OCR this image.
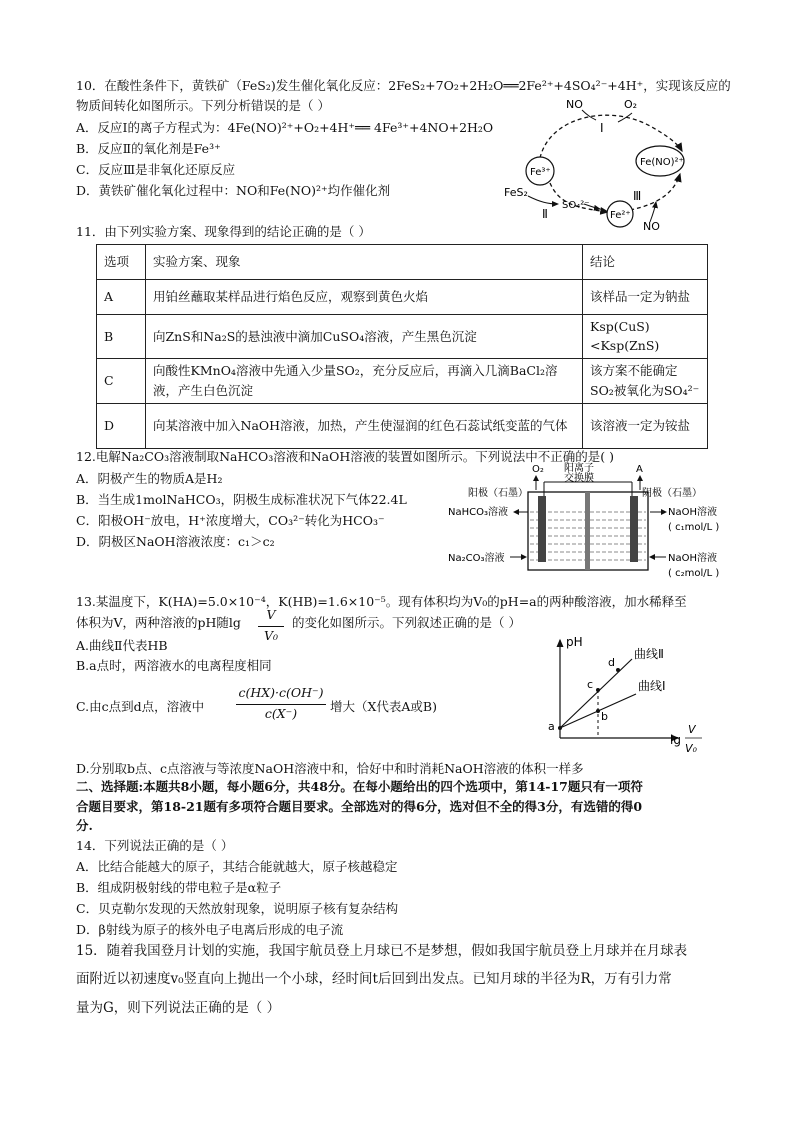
10．在酸性条件下，黄铁矿（FeS₂)发生催化氧化反应：2FeS₂+7O₂+2H₂O══2Fe²⁺+4SO₄²⁻+4H⁺，实现该反应的
物质间转化如图所示。下列分析错误的是（ ）
A．反应Ⅰ的离子方程式为：4Fe(NO)²⁺+O₂+4H⁺══ 4Fe³⁺+4NO+2H₂O
B．反应Ⅱ的氧化剂是Fe³⁺
C．反应Ⅲ是非氧化还原反应
D．黄铁矿催化氧化过程中：NO和Fe(NO)²⁺均作催化剂
NO	O₂
Ⅰ
Fe³⁺
Fe(NO)²⁺
FeS₂
SO₄²⁻
Ⅱ	Fe²⁺
Ⅲ
NO
11．由下列实验方案、现象得到的结论正确的是（ ）
选项	实验方案、现象	结论
A	用铂丝蘸取某样品进行焰色反应，观察到黄色火焰	该样品一定为钠盐
B	向ZnS和Na₂S的悬浊液中滴加CuSO₄溶液，产生黑色沉淀	Ksp(CuS)<Ksp(ZnS)
C	向酸性KMnO₄溶液中先通入少量SO₂，充分反应后，再滴入几滴BaCl₂溶液，产生白色沉淀	该方案不能确定SO₂被氧化为SO₄²⁻
D	向某溶液中加入NaOH溶液，加热，产生使湿润的红色石蕊试纸变蓝的气体	该溶液一定为铵盐
12.电解Na₂CO₃溶液制取NaHCO₃溶液和NaOH溶液的装置如图所示。下列说法中不正确的是( )
A．阴极产生的物质A是H₂
B．当生成1molNaHCO₃，阴极生成标准状况下气体22.4L
C．阳极OH⁻放电，H⁺浓度增大，CO₃²⁻转化为HCO₃⁻
D．阴极区NaOH溶液浓度：c₁＞c₂
O₂ 阳离子
交换膜
A
阳极（石墨）	阴极（石墨）
NaHCO₃溶液	NaOH溶液
( c₁mol/L )
Na₂CO₃溶液	NaOH溶液
( c₂mol/L )
13.某温度下，K(HA)=5.0×10⁻⁴，K(HB)=1.6×10⁻⁵。现有体积均为V₀的pH=a的两种酸溶液，加水稀释至
体积为V，两种溶液的pH随lg
V
V₀
的变化如图所示。下列叙述正确的是（ ）
A.曲线Ⅱ代表HB
B.a点时，两溶液水的电离程度相同
C.由c点到d点，溶液中
c(HX)·c(OH⁻)
c(X⁻)	增大（X代表A或B)
D.分别取b点、c点溶液与等浓度NaOH溶液中和，恰好中和时消耗NaOH溶液的体积一样多
pH
lg
V
V₀
曲线Ⅱ
曲线Ⅰ
a
b
c
d
二、选择题:本题共8小题，每小题6分，共48分。在每小题给出的四个选项中，第14-17题只有一项符
合题目要求，第18-21题有多项符合题目要求。全部选对的得6分，选对但不全的得3分，有选错的得0
分.
14．下列说法正确的是（ ）
A．比结合能越大的原子，其结合能就越大，原子核越稳定
B．组成阴极射线的带电粒子是α粒子
C．贝克勒尔发现的天然放射现象，说明原子核有复杂结构
D．β射线为原子的核外电子电离后形成的电子流
15．随着我国登月计划的实施，我国宇航员登上月球已不是梦想，假如我国宇航员登上月球并在月球表
面附近以初速度v₀竖直向上抛出一个小球，经时间t后回到出发点。已知月球的半径为R，万有引力常
量为G，则下列说法正确的是（ ）
